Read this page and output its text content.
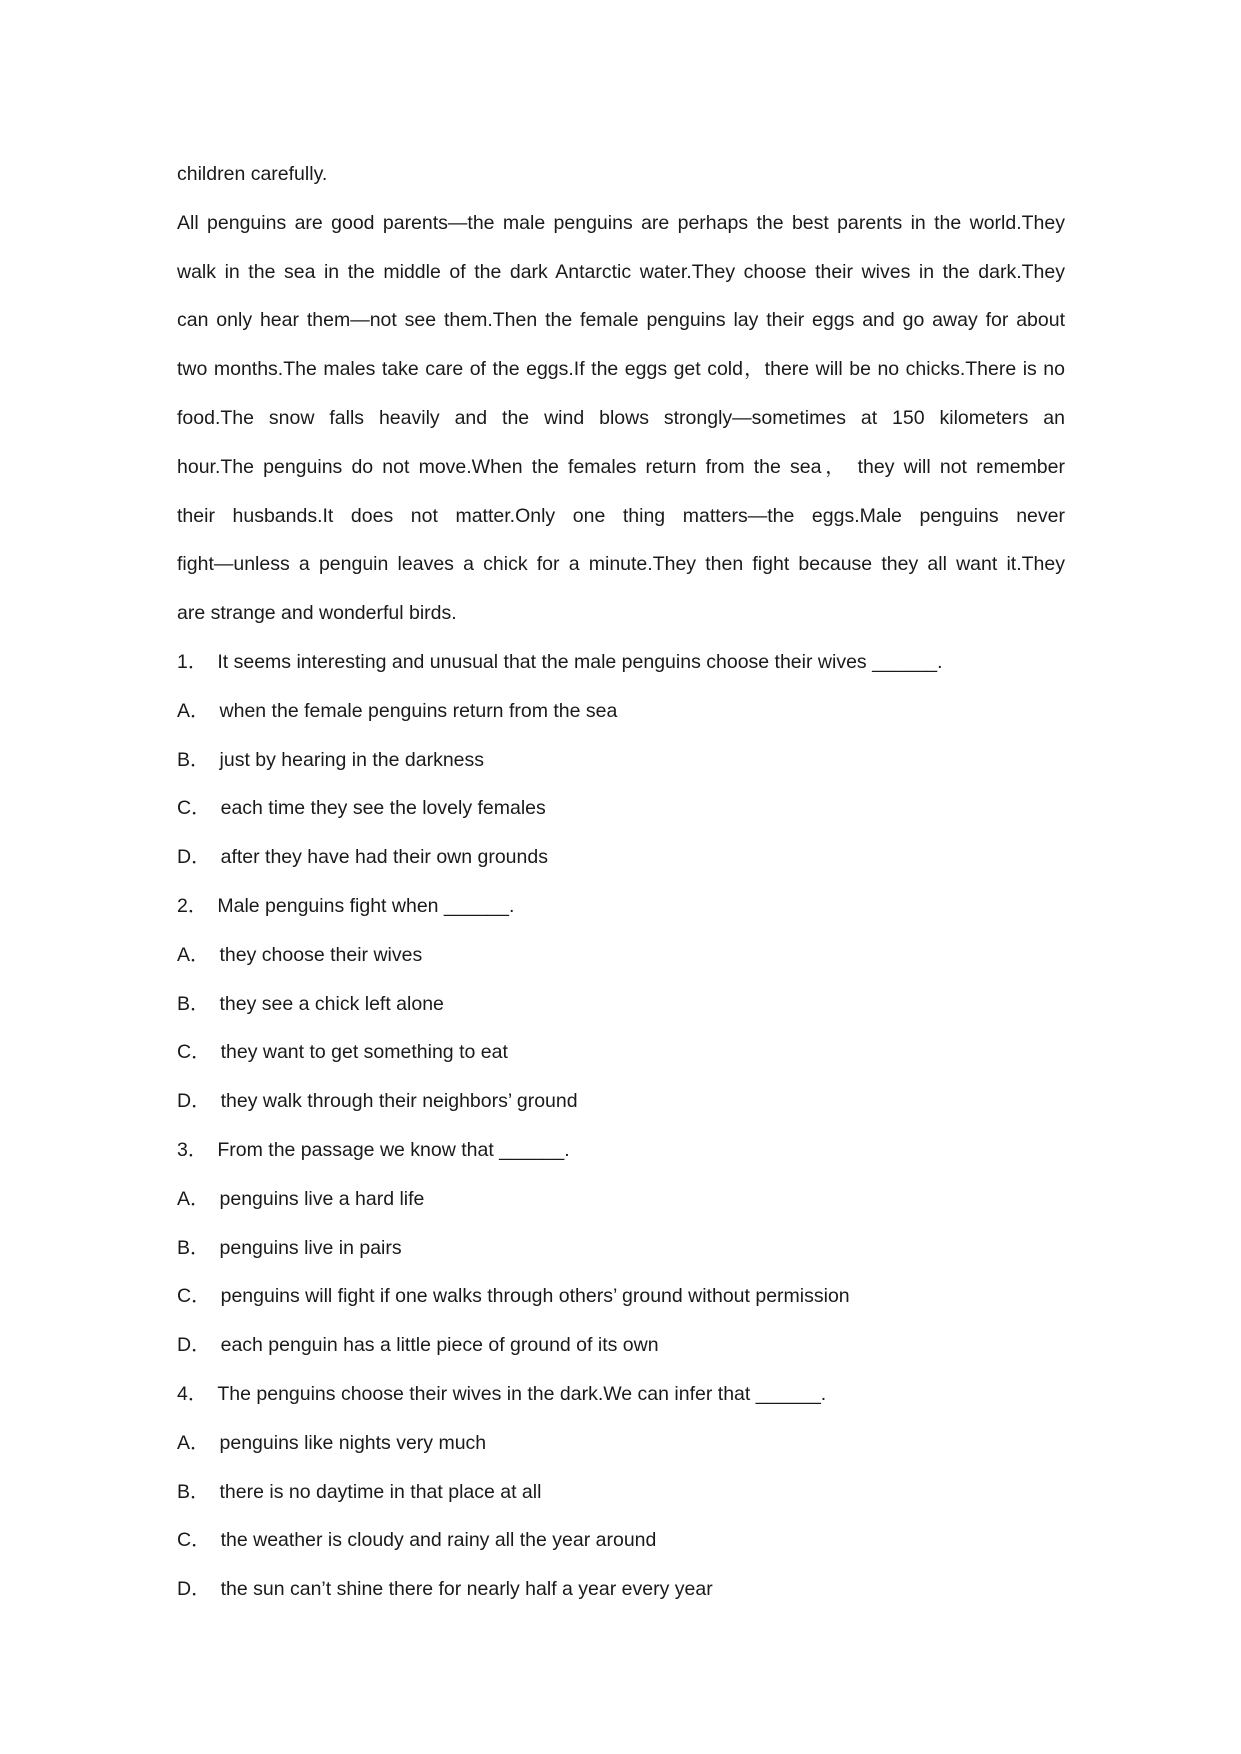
children carefully.
All penguins are good parents—the male penguins are perhaps the best parents in the world.They
walk in the sea in the middle of the dark Antarctic water.They choose their wives in the dark.They
can only hear them—not see them.Then the female penguins lay their eggs and go away for about
two months.The males take care of the eggs.If the eggs get cold，there will be no chicks.There is no
food.The snow falls heavily and the wind blows strongly—sometimes at 150 kilometers an
hour.The penguins do not move.When the females return from the sea， they will not remember
their husbands.It does not matter.Only one thing matters—the eggs.Male penguins never
fight—unless a penguin leaves a chick for a minute.They then fight because they all want it.They
are strange and wonderful birds.
1． It seems interesting and unusual that the male penguins choose their wives ______.
A． when the female penguins return from the sea
B． just by hearing in the darkness
C． each time they see the lovely females
D． after they have had their own grounds
2． Male penguins fight when ______.
A． they choose their wives
B． they see a chick left alone
C． they want to get something to eat
D． they walk through their neighbors’ ground
3． From the passage we know that ______.
A． penguins live a hard life
B． penguins live in pairs
C． penguins will fight if one walks through others’ ground without permission
D． each penguin has a little piece of ground of its own
4． The penguins choose their wives in the dark.We can infer that ______.
A． penguins like nights very much
B． there is no daytime in that place at all
C． the weather is cloudy and rainy all the year around
D． the sun can’t shine there for nearly half a year every year
